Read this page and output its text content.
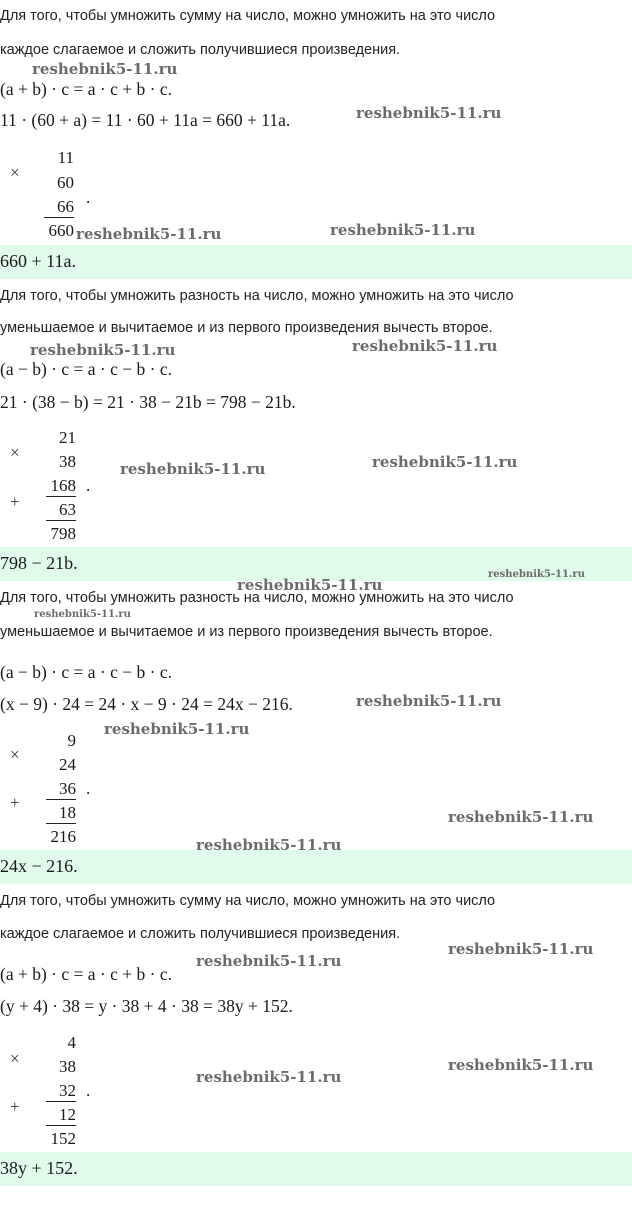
Для того, чтобы умножить сумму на число, можно умножить на это число
каждое слагаемое и сложить получившиеся произведения.
(a + b) · c = a · c + b · c.
11 · (60 + a) = 11 · 60 + 11a = 660 + 11a.
×
11
60
66 .
660
660 + 11a.
Для того, чтобы умножить разность на число, можно умножить на это число
уменьшаемое и вычитаемое и из первого произведения вычесть второе.
(a − b) · c = a · c − b · c.
21 · (38 − b) = 21 · 38 − 21b = 798 − 21b.
×
+
21
38
168 .
63
798
798 − 21b.
Для того, чтобы умножить разность на число, можно умножить на это число
уменьшаемое и вычитаемое и из первого произведения вычесть второе.
(a − b) · c = a · c − b · c.
(x − 9) · 24 = 24 · x − 9 · 24 = 24x − 216.
×
+
9
24
36 .
18
216
24x − 216.
Для того, чтобы умножить сумму на число, можно умножить на это число
каждое слагаемое и сложить получившиеся произведения.
(a + b) · c = a · c + b · c.
(y + 4) · 38 = y · 38 + 4 · 38 = 38y + 152.
×
+
4
38
32 .
12
152
38y + 152.
reshebnik5-11.ru
reshebnik5-11.ru
reshebnik5-11.ru	reshebnik5-11.ru
reshebnik5-11.ru	reshebnik5-11.ru
reshebnik5-11.ru	reshebnik5-11.ru
reshebnik5-11.ru
reshebnik5-11.ru
reshebnik5-11.ru
reshebnik5-11.ru
reshebnik5-11.ru
reshebnik5-11.ru
reshebnik5-11.ru
reshebnik5-11.ru
reshebnik5-11.ru
reshebnik5-11.ru
reshebnik5-11.ru
